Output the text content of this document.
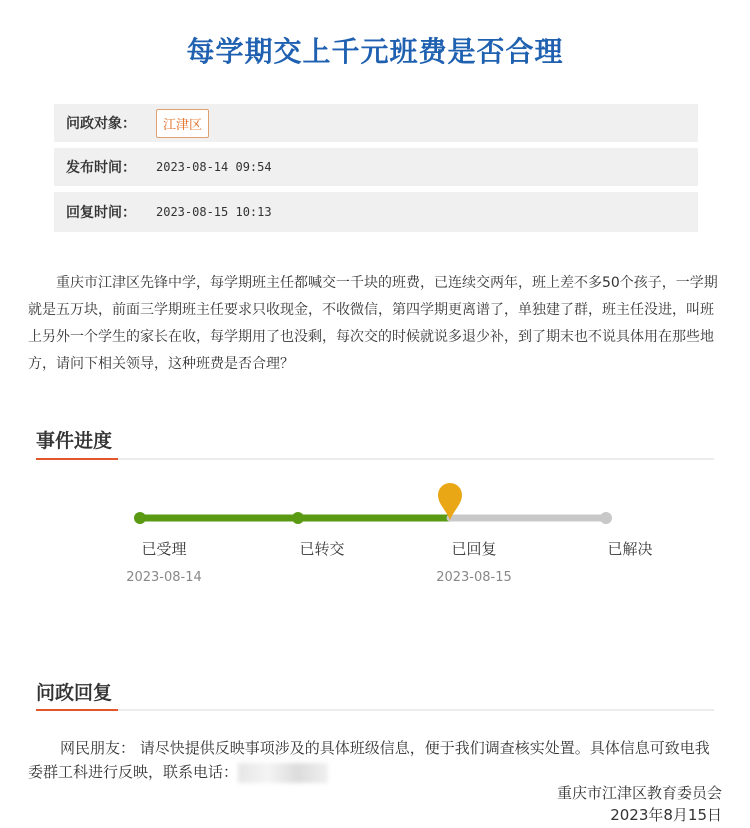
每学期交上千元班费是否合理
问政对象：	江津区
发布时间：	2023-08-14 09:54
回复时间：	2023-08-15 10:13
重庆市江津区先锋中学，每学期班主任都喊交一千块的班费，已连续交两年，班上差不多50个孩子，一学期就是五万块，前面三学期班主任要求只收现金，不收微信，第四学期更离谱了，单独建了群，班主任没进，叫班上另外一个学生的家长在收，每学期用了也没剩，每次交的时候就说多退少补，到了期末也不说具体用在那些地方，请问下相关领导，这种班费是否合理？
事件进度
已受理
2023-08-14
已转交	已回复
2023-08-15
已解决
问政回复
网民朋友： 请尽快提供反映事项涉及的具体班级信息，便于我们调查核实处置。具体信息可致电我委群工科进行反映，联系电话：
重庆市江津区教育委员会
2023年8月15日
